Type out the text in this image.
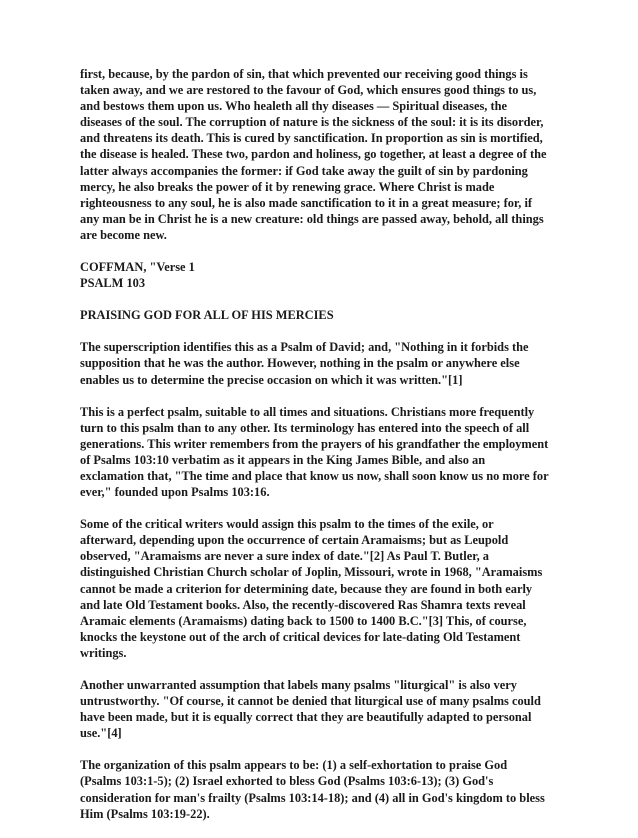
first, because, by the pardon of sin, that which prevented our receiving good things is taken away, and we are restored to the favour of God, which ensures good things to us, and bestows them upon us. Who healeth all thy diseases — Spiritual diseases, the diseases of the soul. The corruption of nature is the sickness of the soul: it is its disorder, and threatens its death. This is cured by sanctification. In proportion as sin is mortified, the disease is healed. These two, pardon and holiness, go together, at least a degree of the latter always accompanies the former: if God take away the guilt of sin by pardoning mercy, he also breaks the power of it by renewing grace. Where Christ is made righteousness to any soul, he is also made sanctification to it in a great measure; for, if any man be in Christ he is a new creature: old things are passed away, behold, all things are become new.

COFFMAN, "Verse 1
PSALM 103

PRAISING GOD FOR ALL OF HIS MERCIES

The superscription identifies this as a Psalm of David; and, "Nothing in it forbids the supposition that he was the author. However, nothing in the psalm or anywhere else enables us to determine the precise occasion on which it was written."[1]

This is a perfect psalm, suitable to all times and situations. Christians more frequently turn to this psalm than to any other. Its terminology has entered into the speech of all generations. This writer remembers from the prayers of his grandfather the employment of Psalms 103:10 verbatim as it appears in the King James Bible, and also an exclamation that, "The time and place that know us now, shall soon know us no more for ever," founded upon Psalms 103:16.

Some of the critical writers would assign this psalm to the times of the exile, or afterward, depending upon the occurrence of certain Aramaisms; but as Leupold observed, "Aramaisms are never a sure index of date."[2] As Paul T. Butler, a distinguished Christian Church scholar of Joplin, Missouri, wrote in 1968, "Aramaisms cannot be made a criterion for determining date, because they are found in both early and late Old Testament books. Also, the recently-discovered Ras Shamra texts reveal Aramaic elements (Aramaisms) dating back to 1500 to 1400 B.C."[3] This, of course, knocks the keystone out of the arch of critical devices for late-dating Old Testament writings.

Another unwarranted assumption that labels many psalms "liturgical" is also very untrustworthy. "Of course, it cannot be denied that liturgical use of many psalms could have been made, but it is equally correct that they are beautifully adapted to personal use."[4]

The organization of this psalm appears to be: (1) a self-exhortation to praise God (Psalms 103:1-5); (2) Israel exhorted to bless God (Psalms 103:6-13); (3) God's consideration for man's frailty (Psalms 103:14-18); and (4) all in God's kingdom to bless Him (Psalms 103:19-22).
